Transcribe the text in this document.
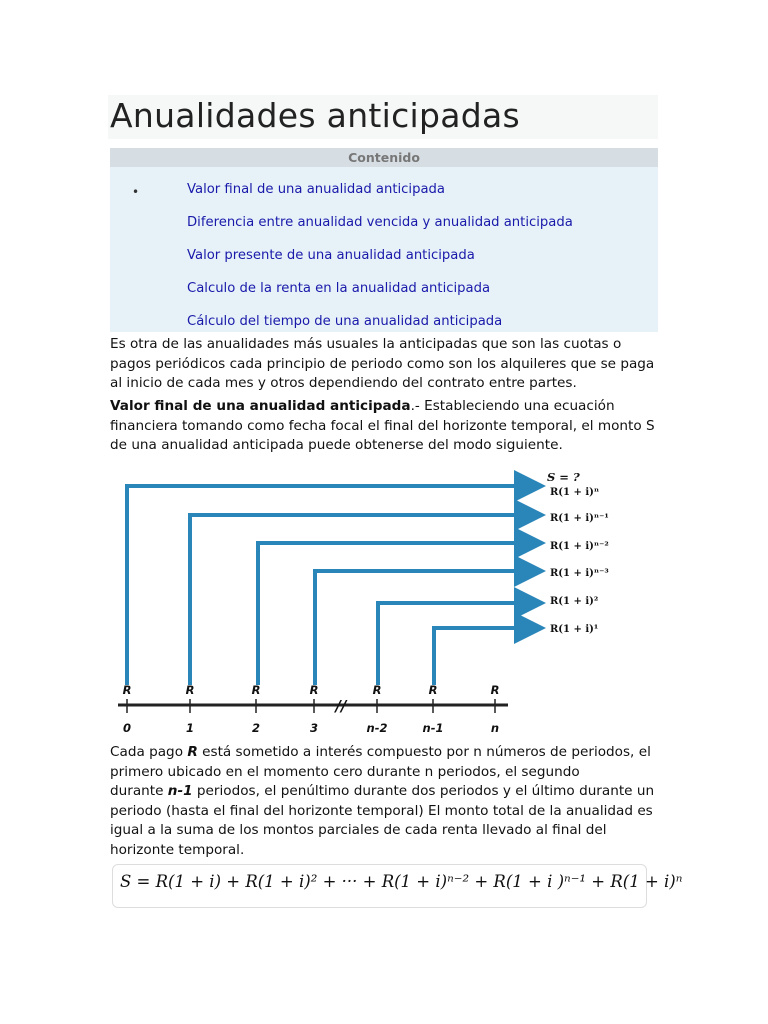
Anualidades anticipadas
Contenido
•	Valor final de una anualidad anticipada
Diferencia entre anualidad vencida y anualidad anticipada
Valor presente de una anualidad anticipada
Calculo de la renta en la anualidad anticipada
Cálculo del tiempo de una anualidad anticipada
Es otra de las anualidades más usuales la anticipadas que son las cuotas o
pagos periódicos cada principio de periodo como son los alquileres que se paga
al inicio de cada mes y otros dependiendo del contrato entre partes.
Valor final de una anualidad anticipada.- Estableciendo una ecuación
financiera tomando como fecha focal el final del horizonte temporal, el monto S
de una anualidad anticipada puede obtenerse del modo siguiente.
S = ?
R(1 + i)ⁿ
R(1 + i)ⁿ⁻¹
R(1 + i)ⁿ⁻²
R(1 + i)ⁿ⁻³
R(1 + i)²
R(1 + i)¹
R	R	R	R	R	R	R
//
0	1	2	3	n-2	n-1	n
Cada pago R está sometido a interés compuesto por n números de periodos, el
primero ubicado en el momento cero durante n periodos, el segundo
durante n-1 periodos, el penúltimo durante dos periodos y el último durante un
periodo (hasta el final del horizonte temporal) El monto total de la anualidad es
igual a la suma de los montos parciales de cada renta llevado al final del
horizonte temporal.
S = R(1 + i) + R(1 + i)² + ··· + R(1 + i)ⁿ⁻² + R(1 + i )ⁿ⁻¹ + R(1 + i)ⁿ
